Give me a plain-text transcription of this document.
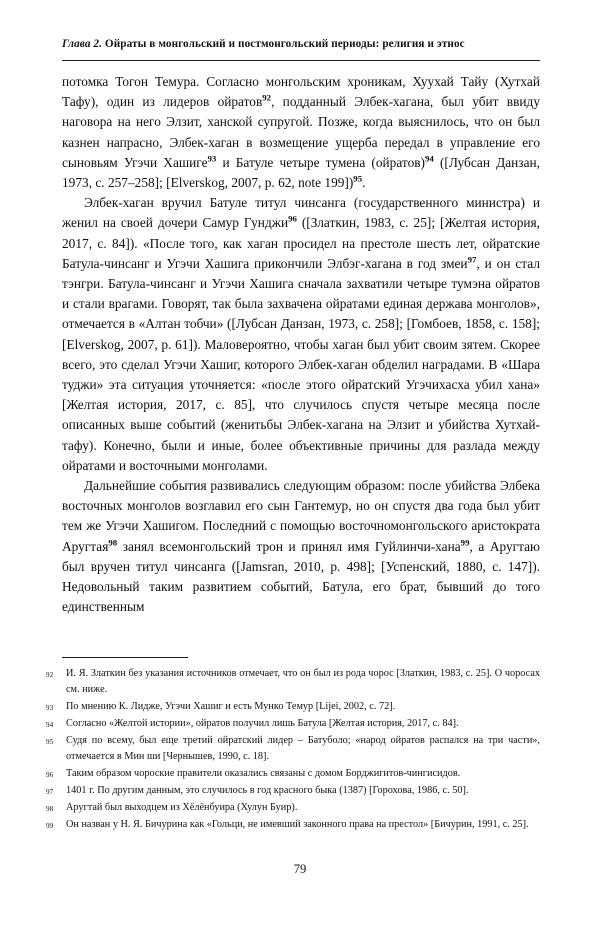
Глава 2. Ойраты в монгольский и постмонгольский периоды: религия и этнос

потомка Тогон Темура. Согласно монгольским хроникам, Хуухай Тайу (Хутхай Тафу), один из лидеров ойратов$^{92}$, подданный Элбек-хагана, был убит ввиду наговора на него Элзит, ханской супругой. Позже, когда выяснилось, что он был казнен напрасно, Элбек-хаган в возмещение ущерба передал в управление его сыновьям Угэчи Хашиге$^{93}$ и Батуле четыре тумена (ойратов)$^{94}$ ([Лубсан Данзан, 1973, с. 257–258]; [Elverskog, 2007, p. 62, note 199])$^{95}$.

Элбек-хаган вручил Батуле титул чинсанга (государственного министра) и женил на своей дочери Самур Гунджи$^{96}$ ([Златкин, 1983, с. 25]; [Желтая история, 2017, с. 84]). «После того, как хаган просидел на престоле шесть лет, ойратские Батула-чинсанг и Угэчи Хашига прикончили Элбэг-хагана в год змеи$^{97}$, и он стал тэнгри. Батула-чинсанг и Угэчи Хашига сначала захватили четыре тумэна ойратов и стали врагами. Говорят, так была захвачена ойратами единая держава монголов», отмечается в «Алтан тобчи» ([Лубсан Данзан, 1973, с. 258]; [Гомбоев, 1858, с. 158]; [Elverskog, 2007, p. 61]). Маловероятно, чтобы хаган был убит своим зятем. Скорее всего, это сделал Угэчи Хашиг, которого Элбек-хаган обделил наградами. В «Шара туджи» эта ситуация уточняется: «после этого ойратский Угэчихасха убил хана» [Желтая история, 2017, с. 85], что случилось спустя четыре месяца после описанных выше событий (женитьбы Элбек-хагана на Элзит и убийства Хутхай-тафу). Конечно, были и иные, более объективные причины для разлада между ойратами и восточными монголами.

Дальнейшие события развивались следующим образом: после убийства Элбека восточных монголов возглавил его сын Гантемур, но он спустя два года был убит тем же Угэчи Хашигом. Последний с помощью восточномонгольского аристократа Аругтая$^{98}$ занял всемонгольский трон и принял имя Гуйлинчи-хана$^{99}$, а Аругтаю был вручен титул чинсанга ([Jamsran, 2010, p. 498]; [Успенский, 1880, с. 147]). Недовольный таким развитием событий, Батула, его брат, бывший до того единственным

92	И. Я. Златкин без указания источников отмечает, что он был из рода чорос [Златкин, 1983, с. 25]. О чоросах см. ниже.
93	По мнению К. Лидже, Угэчи Хашиг и есть Мунко Темур [Lijei, 2002, с. 72].
94	Согласно «Желтой истории», ойратов получил лишь Батула [Желтая история, 2017, с. 84].
95	Судя по всему, был еще третий ойратский лидер – Батуболо; «народ ойратов распался на три части», отмечается в Мин ши [Чернышев, 1990, с. 18].
96	Таким образом чороские правители оказались связаны с домом Борджигитов-чингисидов.
97	1401 г. По другим данным, это случилось в год красного быка (1387) [Горохова, 1986, с. 50].
98	Аругтай был выходцем из Хёлёнбуира (Хулун Буир).
99	Он назван у Н. Я. Бичурина как «Гольци, не имевший законного права на престол» [Бичурин, 1991, с. 25].
79
